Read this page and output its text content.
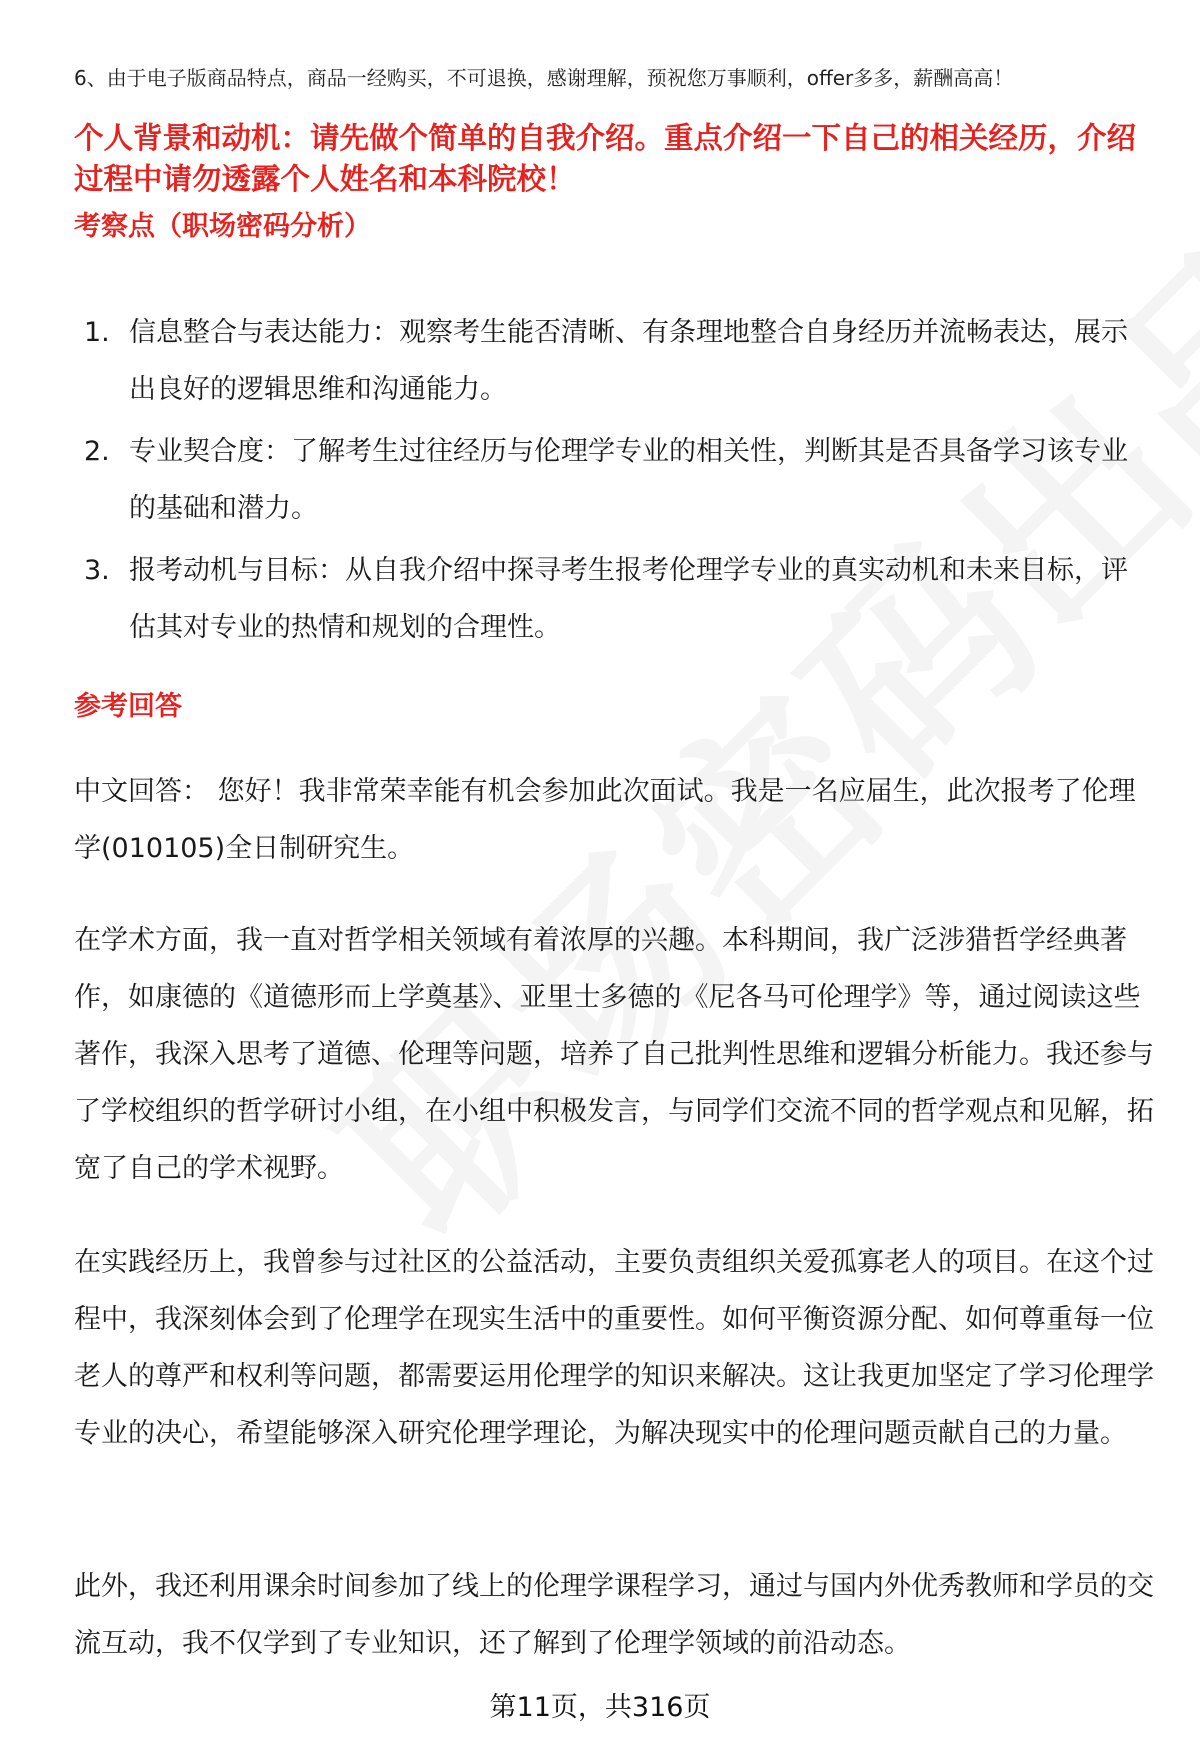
6、由于电子版商品特点，商品一经购买，不可退换，感谢理解，预祝您万事顺利，offer多多，薪酬高高！
个人背景和动机：请先做个简单的自我介绍。重点介绍一下自己的相关经历，介绍过程中请勿透露个人姓名和本科院校！
考察点（职场密码分析）
1. 信息整合与表达能力：观察考生能否清晰、有条理地整合自身经历并流畅表达，展示出良好的逻辑思维和沟通能力。
2. 专业契合度：了解考生过往经历与伦理学专业的相关性，判断其是否具备学习该专业的基础和潜力。
3. 报考动机与目标：从自我介绍中探寻考生报考伦理学专业的真实动机和未来目标，评估其对专业的热情和规划的合理性。
参考回答

中文回答： 您好！我非常荣幸能有机会参加此次面试。我是一名应届生，此次报考了伦理学(010105)全日制研究生。

在学术方面，我一直对哲学相关领域有着浓厚的兴趣。本科期间，我广泛涉猎哲学经典著作，如康德的《道德形而上学奠基》、亚里士多德的《尼各马可伦理学》等，通过阅读这些著作，我深入思考了道德、伦理等问题，培养了自己批判性思维和逻辑分析能力。我还参与了学校组织的哲学研讨小组，在小组中积极发言，与同学们交流不同的哲学观点和见解，拓宽了自己的学术视野。

在实践经历上，我曾参与过社区的公益活动，主要负责组织关爱孤寡老人的项目。在这个过程中，我深刻体会到了伦理学在现实生活中的重要性。如何平衡资源分配、如何尊重每一位老人的尊严和权利等问题，都需要运用伦理学的知识来解决。这让我更加坚定了学习伦理学专业的决心，希望能够深入研究伦理学理论，为解决现实中的伦理问题贡献自己的力量。

此外，我还利用课余时间参加了线上的伦理学课程学习，通过与国内外优秀教师和学员的交流互动，我不仅学到了专业知识，还了解到了伦理学领域的前沿动态。

第11页，共316页
